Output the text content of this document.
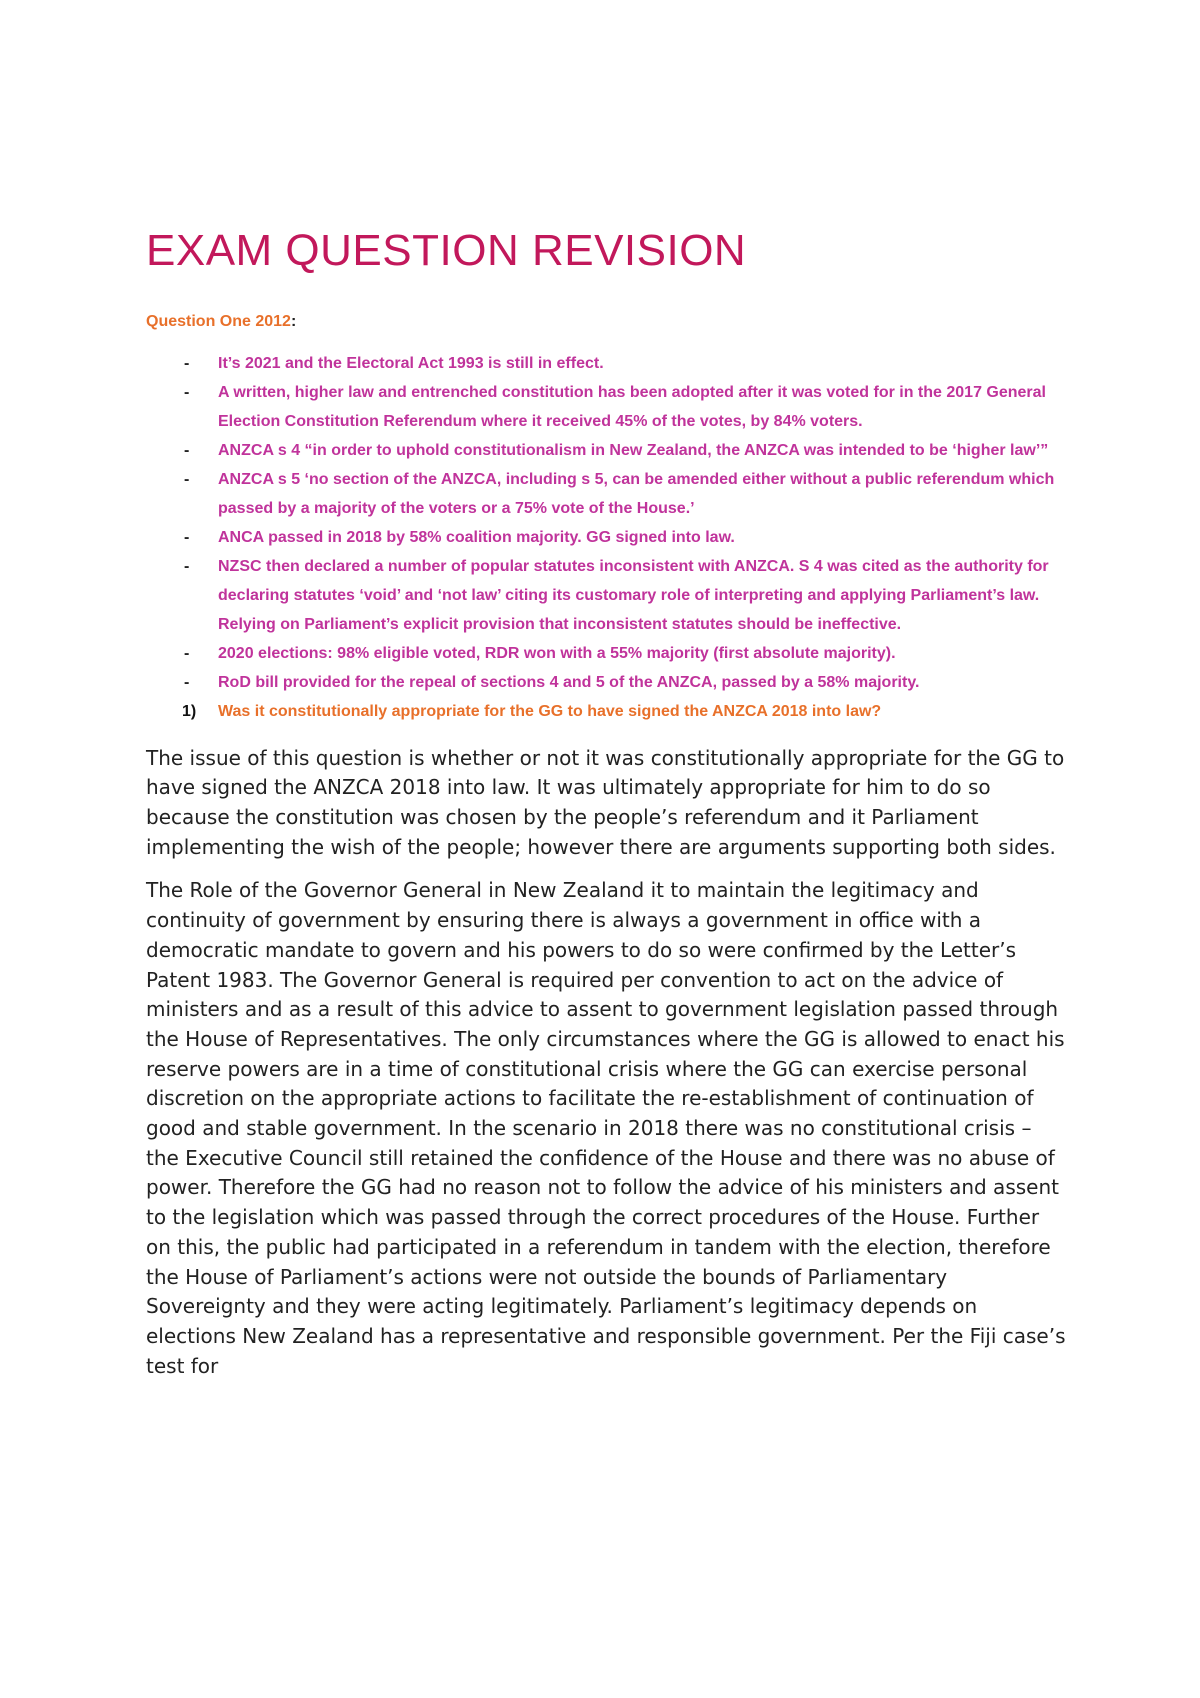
EXAM QUESTION REVISION
Question One 2012:
- It’s 2021 and the Electoral Act 1993 is still in effect.
- A written, higher law and entrenched constitution has been adopted after it was voted for in the 2017 General Election Constitution Referendum where it received 45% of the votes, by 84% voters.
- ANZCA s 4 “in order to uphold constitutionalism in New Zealand, the ANZCA was intended to be ‘higher law’”
- ANZCA s 5 ‘no section of the ANZCA, including s 5, can be amended either without a public referendum which passed by a majority of the voters or a 75% vote of the House.’
- ANCA passed in 2018 by 58% coalition majority. GG signed into law.
- NZSC then declared a number of popular statutes inconsistent with ANZCA. S 4 was cited as the authority for declaring statutes ‘void’ and ‘not law’ citing its customary role of interpreting and applying Parliament’s law. Relying on Parliament’s explicit provision that inconsistent statutes should be ineffective.
- 2020 elections: 98% eligible voted, RDR won with a 55% majority (first absolute majority).
- RoD bill provided for the repeal of sections 4 and 5 of the ANZCA, passed by a 58% majority.
1) Was it constitutionally appropriate for the GG to have signed the ANZCA 2018 into law?

The issue of this question is whether or not it was constitutionally appropriate for the GG to have signed the ANZCA 2018 into law. It was ultimately appropriate for him to do so because the constitution was chosen by the people’s referendum and it Parliament implementing the wish of the people; however there are arguments supporting both sides.

The Role of the Governor General in New Zealand it to maintain the legitimacy and continuity of government by ensuring there is always a government in office with a democratic mandate to govern and his powers to do so were confirmed by the Letter’s Patent 1983. The Governor General is required per convention to act on the advice of ministers and as a result of this advice to assent to government legislation passed through the House of Representatives. The only circumstances where the GG is allowed to enact his reserve powers are in a time of constitutional crisis where the GG can exercise personal discretion on the appropriate actions to facilitate the re-establishment of continuation of good and stable government. In the scenario in 2018 there was no constitutional crisis – the Executive Council still retained the confidence of the House and there was no abuse of power. Therefore the GG had no reason not to follow the advice of his ministers and assent to the legislation which was passed through the correct procedures of the House. Further on this, the public had participated in a referendum in tandem with the election, therefore the House of Parliament’s actions were not outside the bounds of Parliamentary Sovereignty and they were acting legitimately. Parliament’s legitimacy depends on elections New Zealand has a representative and responsible government. Per the Fiji case’s test for
